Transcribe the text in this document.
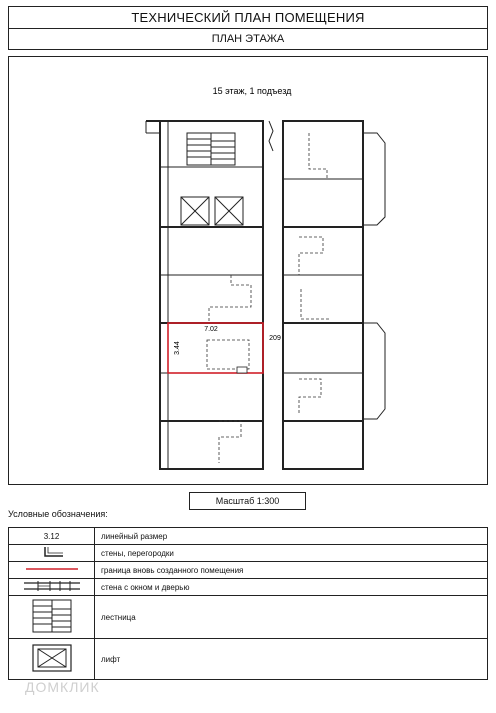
ТЕХНИЧЕСКИЙ ПЛАН ПОМЕЩЕНИЯ
ПЛАН ЭТАЖА
15 этаж, 1 подъезд
7.02
3.44
209
Масштаб 1:300
Условные обозначения:
3.12	линейный размер
	стены, перегородки
	граница вновь созданного помещения
	стена с окном и дверью
	лестница
	лифт
ДОМКЛИК
